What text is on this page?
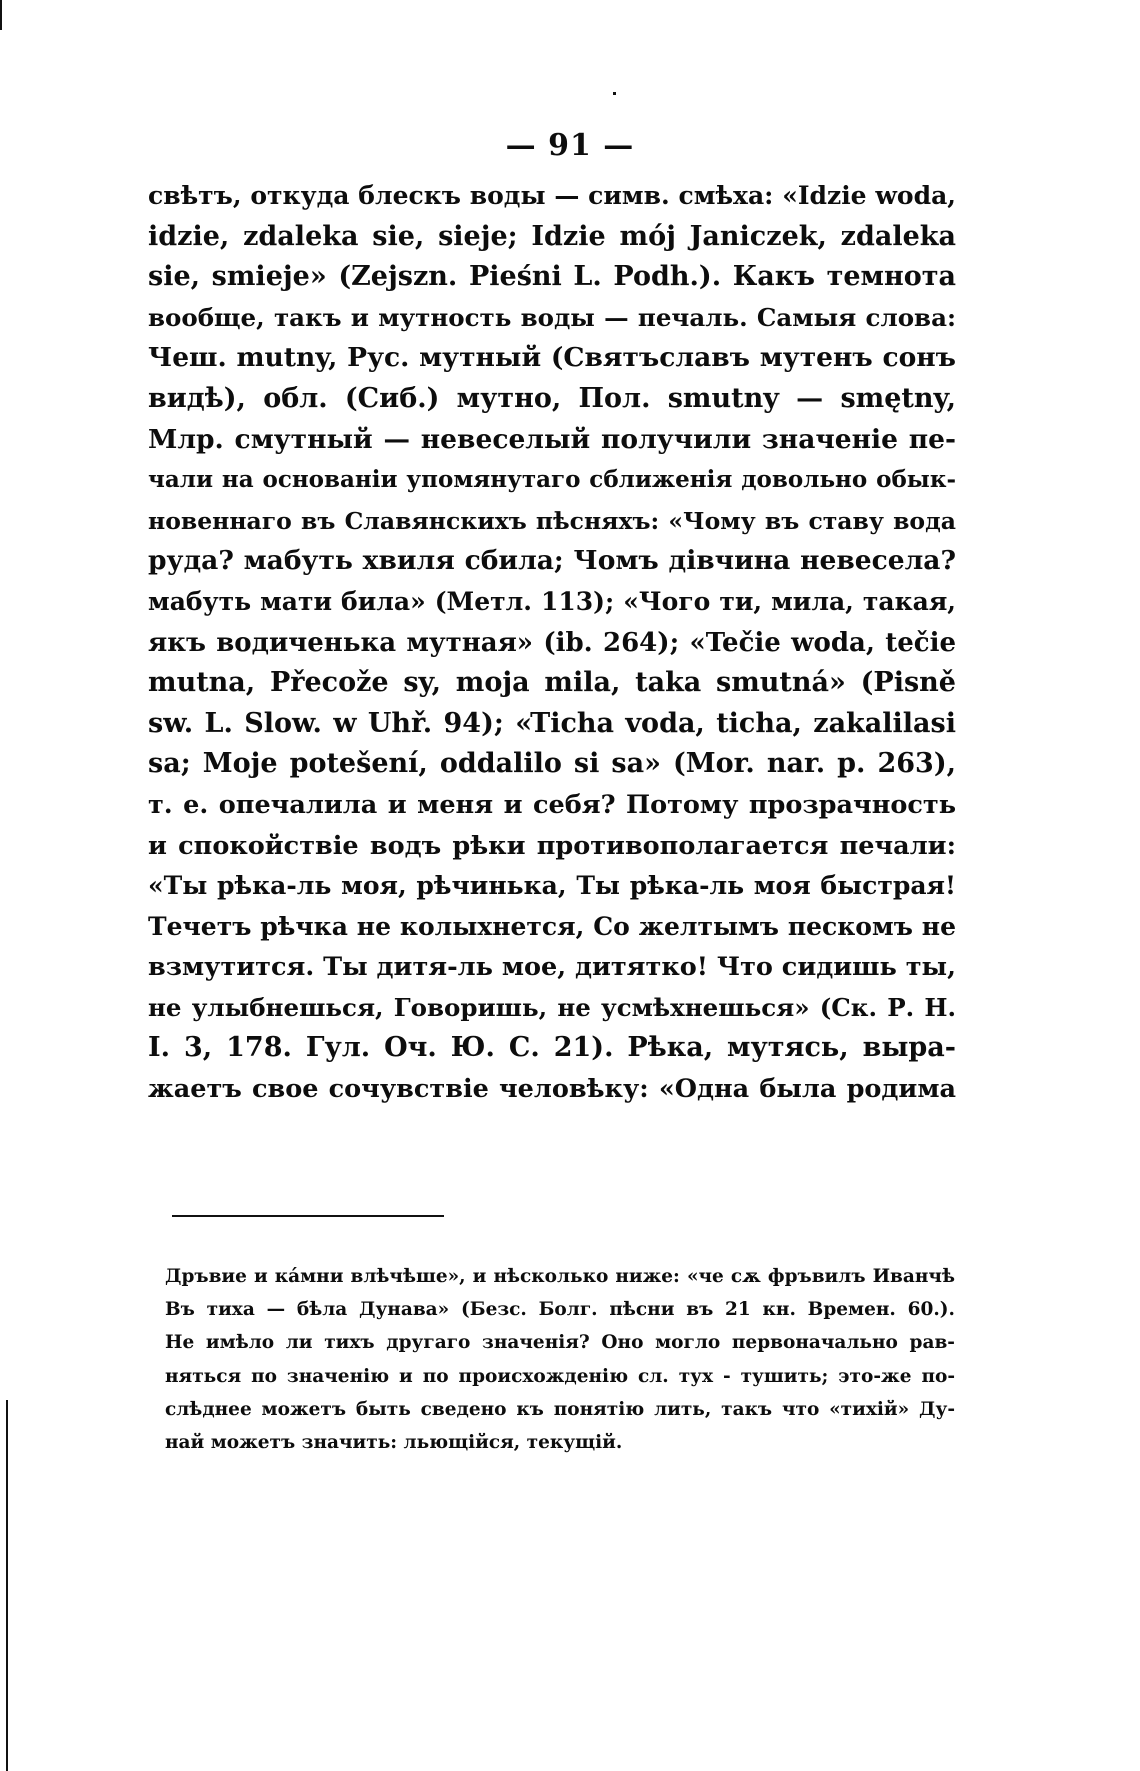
— 91 —
свѣтъ, откуда блескъ воды — симв. смѣха: «Idzie woda,
idzie, zdaleka sie, sieje; Idzie mój Janiczek, zdaleka
sie, smieje» (Zejszn. Pieśni L. Podh.). Какъ темнота
вообще, такъ и мутность воды — печаль. Самыя слова:
Чеш. mutny, Рус. мутный (Святъславъ мутенъ сонъ
видѣ), обл. (Сиб.) мутно, Пол. smutny — smętny,
Млр. смутный — невеселый получили значеніе пе-
чали на основаніи упомянутаго сближенія довольно обык-
новеннаго въ Славянскихъ пѣсняхъ: «Чому въ ставу вода
руда? мабуть хвиля сбила; Чомъ дівчина невесела?
мабуть мати била» (Метл. 113); «Чого ти, мила, такая,
якъ водиченька мутная» (ib. 264); «Tečie woda, tečie
mutna, Přecože sy, moja mila, taka smutná» (Pisně
sw. L. Slow. w Uhř. 94); «Ticha voda, ticha, zakalilasi
sa; Moje potešení, oddalilo si sa» (Mor. nar. p. 263),
т. е. опечалила и меня и себя? Потому прозрачность
и спокойствіе водъ рѣки противополагается печали:
«Ты рѣка-ль моя, рѣчинька, Ты рѣка-ль моя быстрая!
Течетъ рѣчка не колыхнется, Со желтымъ пескомъ не
взмутится. Ты дитя-ль мое, дитятко! Что сидишь ты,
не улыбнешься, Говоришь, не усмѣхнешься» (Ск. Р. Н.
I. 3, 178. Гул. Оч. Ю. С. 21). Рѣка, мутясь, выра-
жаетъ свое сочувствіе человѣку: «Одна была родима
Дръвие и ка́мни влѣчѣше», и нѣсколько ниже: «че сѫ фръвилъ Иванчѣ
Въ тиха — бѣла Дунава» (Безс. Болг. пѣсни въ 21 кн. Времен. 60.).
Не имѣло ли тихъ другаго значенія? Оно могло первоначально рав-
няться по значенію и по происхожденію сл. тух - тушить; это-же по-
слѣднее можетъ быть сведено къ понятію лить, такъ что «тихій» Ду-
най можетъ значить: льющійся, текущій.
